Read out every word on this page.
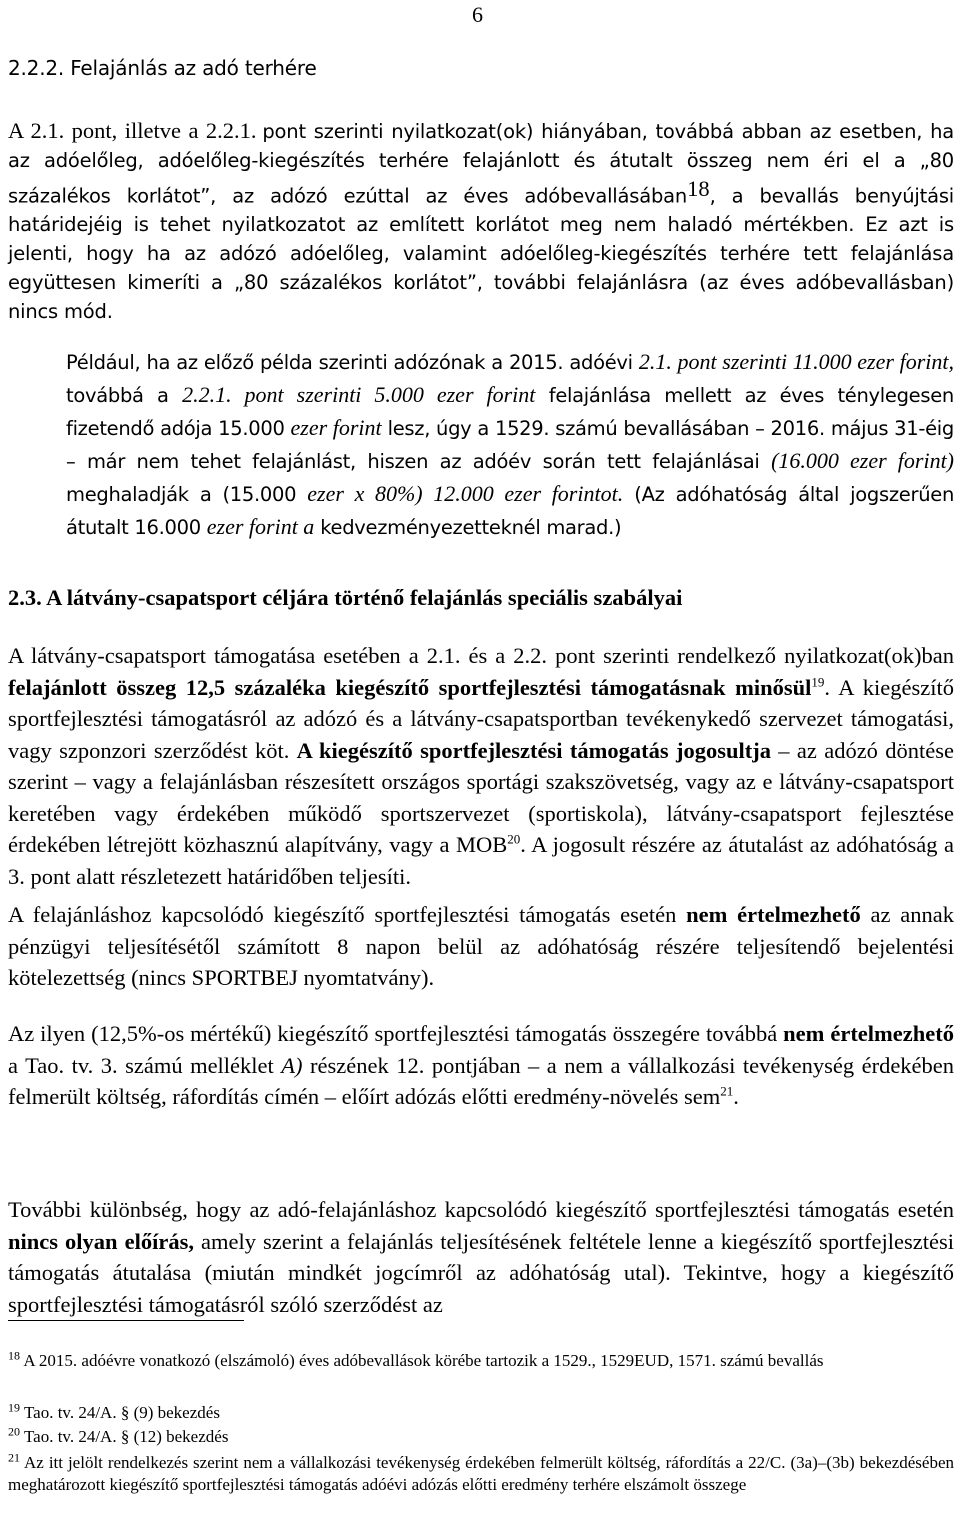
6
2.2.2. Felajánlás az adó terhére
A 2.1. pont, illetve a 2.2.1. pont szerinti nyilatkozat(ok) hiányában, továbbá abban az esetben, ha az adóelőleg, adóelőleg-kiegészítés terhére felajánlott és átutalt összeg nem éri el a „80 százalékos korlátot”, az adózó ezúttal az éves adóbevallásában$^{18}$, a bevallás benyújtási határidejéig is tehet nyilatkozatot az említett korlátot meg nem haladó mértékben. Ez azt is jelenti, hogy ha az adózó adóelőleg, valamint adóelőleg-kiegészítés terhére tett felajánlása együttesen kimeríti a „80 százalékos korlátot”, további felajánlásra (az éves adóbevallásban) nincs mód.
Például, ha az előző példa szerinti adózónak a 2015. adóévi 2.1. pont szerinti 11.000 ezer forint, továbbá a 2.2.1. pont szerinti 5.000 ezer forint felajánlása mellett az éves ténylegesen fizetendő adója 15.000 ezer forint lesz, úgy a 1529. számú bevallásában – 2016. május 31-éig – már nem tehet felajánlást, hiszen az adóév során tett felajánlásai (16.000 ezer forint) meghaladják a (15.000 ezer x 80%) 12.000 ezer forintot. (Az adóhatóság által jogszerűen átutalt 16.000 ezer forint a kedvezményezetteknél marad.)
2.3. A látvány-csapatsport céljára történő felajánlás speciális szabályai
A látvány-csapatsport támogatása esetében a 2.1. és a 2.2. pont szerinti rendelkező nyilatkozat(ok)ban felajánlott összeg 12,5 százaléka kiegészítő sportfejlesztési támogatásnak minősül$^{19}$. A kiegészítő sportfejlesztési támogatásról az adózó és a látvány-csapatsportban tevékenykedő szervezet támogatási, vagy szponzori szerződést köt. A kiegészítő sportfejlesztési támogatás jogosultja – az adózó döntése szerint – vagy a felajánlásban részesített országos sportági szakszövetség, vagy az e látvány-csapatsport keretében vagy érdekében működő sportszervezet (sportiskola), látvány-csapatsport fejlesztése érdekében létrejött közhasznú alapítvány, vagy a MOB$^{20}$. A jogosult részére az átutalást az adóhatóság a 3. pont alatt részletezett határidőben teljesíti.
A felajánláshoz kapcsolódó kiegészítő sportfejlesztési támogatás esetén nem értelmezhető az annak pénzügyi teljesítésétől számított 8 napon belül az adóhatóság részére teljesítendő bejelentési kötelezettség (nincs SPORTBEJ nyomtatvány).
Az ilyen (12,5%-os mértékű) kiegészítő sportfejlesztési támogatás összegére továbbá nem értelmezhető a Tao. tv. 3. számú melléklet A) részének 12. pontjában – a nem a vállalkozási tevékenység érdekében felmerült költség, ráfordítás címén – előírt adózás előtti eredmény-növelés sem$^{21}$.
További különbség, hogy az adó-felajánláshoz kapcsolódó kiegészítő sportfejlesztési támogatás esetén nincs olyan előírás, amely szerint a felajánlás teljesítésének feltétele lenne a kiegészítő sportfejlesztési támogatás átutalása (miután mindkét jogcímről az adóhatóság utal). Tekintve, hogy a kiegészítő sportfejlesztési támogatásról szóló szerződést az
$^{18}$ A 2015. adóévre vonatkozó (elszámoló) éves adóbevallások körébe tartozik a 1529., 1529EUD, 1571. számú bevallás
$^{19}$ Tao. tv. 24/A. § (9) bekezdés
$^{20}$ Tao. tv. 24/A. § (12) bekezdés
$^{21}$ Az itt jelölt rendelkezés szerint nem a vállalkozási tevékenység érdekében felmerült költség, ráfordítás a 22/C. (3a)–(3b) bekezdésében meghatározott kiegészítő sportfejlesztési támogatás adóévi adózás előtti eredmény terhére elszámolt összege
